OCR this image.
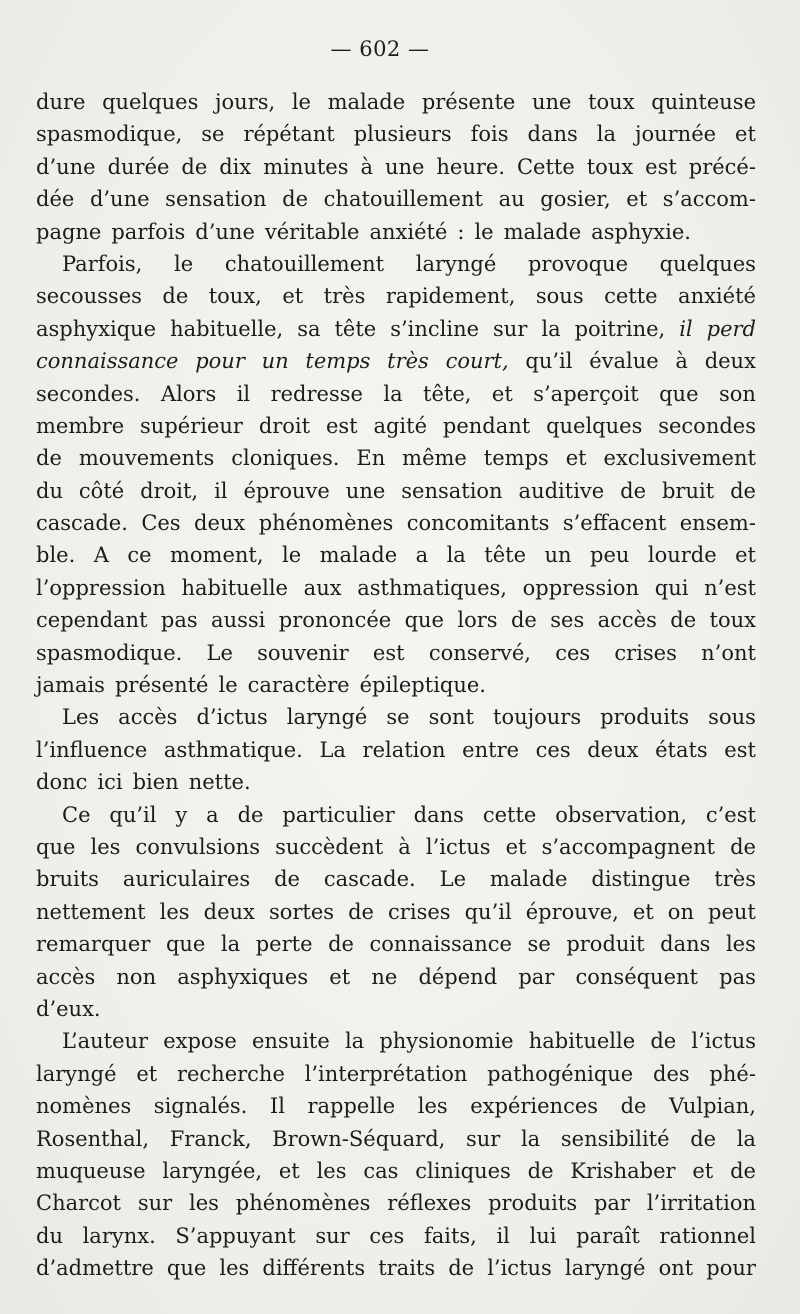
— 602 —
dure quelques jours, le malade présente une toux quinteuse
spasmodique, se répétant plusieurs fois dans la journée et
d’une durée de dix minutes à une heure. Cette toux est précé-
dée d’une sensation de chatouillement au gosier, et s’accom-
pagne parfois d’une véritable anxiété : le malade asphyxie.
Parfois, le chatouillement laryngé provoque quelques
secousses de toux, et très rapidement, sous cette anxiété
asphyxique habituelle, sa tête s’incline sur la poitrine, il perd
connaissance pour un temps très court, qu’il évalue à deux
secondes. Alors il redresse la tête, et s’aperçoit que son
membre supérieur droit est agité pendant quelques secondes
de mouvements cloniques. En même temps et exclusivement
du côté droit, il éprouve une sensation auditive de bruit de
cascade. Ces deux phénomènes concomitants s’effacent ensem-
ble. A ce moment, le malade a la tête un peu lourde et
l’oppression habituelle aux asthmatiques, oppression qui n’est
cependant pas aussi prononcée que lors de ses accès de toux
spasmodique. Le souvenir est conservé, ces crises n’ont
jamais présenté le caractère épileptique.
Les accès d’ictus laryngé se sont toujours produits sous
l’influence asthmatique. La relation entre ces deux états est
donc ici bien nette.
Ce qu’il y a de particulier dans cette observation, c’est
que les convulsions succèdent à l’ictus et s’accompagnent de
bruits auriculaires de cascade. Le malade distingue très
nettement les deux sortes de crises qu’il éprouve, et on peut
remarquer que la perte de connaissance se produit dans les
accès non asphyxiques et ne dépend par conséquent pas
d’eux.
L’auteur expose ensuite la physionomie habituelle de l’ictus
laryngé et recherche l’interprétation pathogénique des phé-
nomènes signalés. Il rappelle les expériences de Vulpian,
Rosenthal, Franck, Brown-Séquard, sur la sensibilité de la
muqueuse laryngée, et les cas cliniques de Krishaber et de
Charcot sur les phénomènes réflexes produits par l’irritation
du larynx. S’appuyant sur ces faits, il lui paraît rationnel
d’admettre que les différents traits de l’ictus laryngé ont pour
